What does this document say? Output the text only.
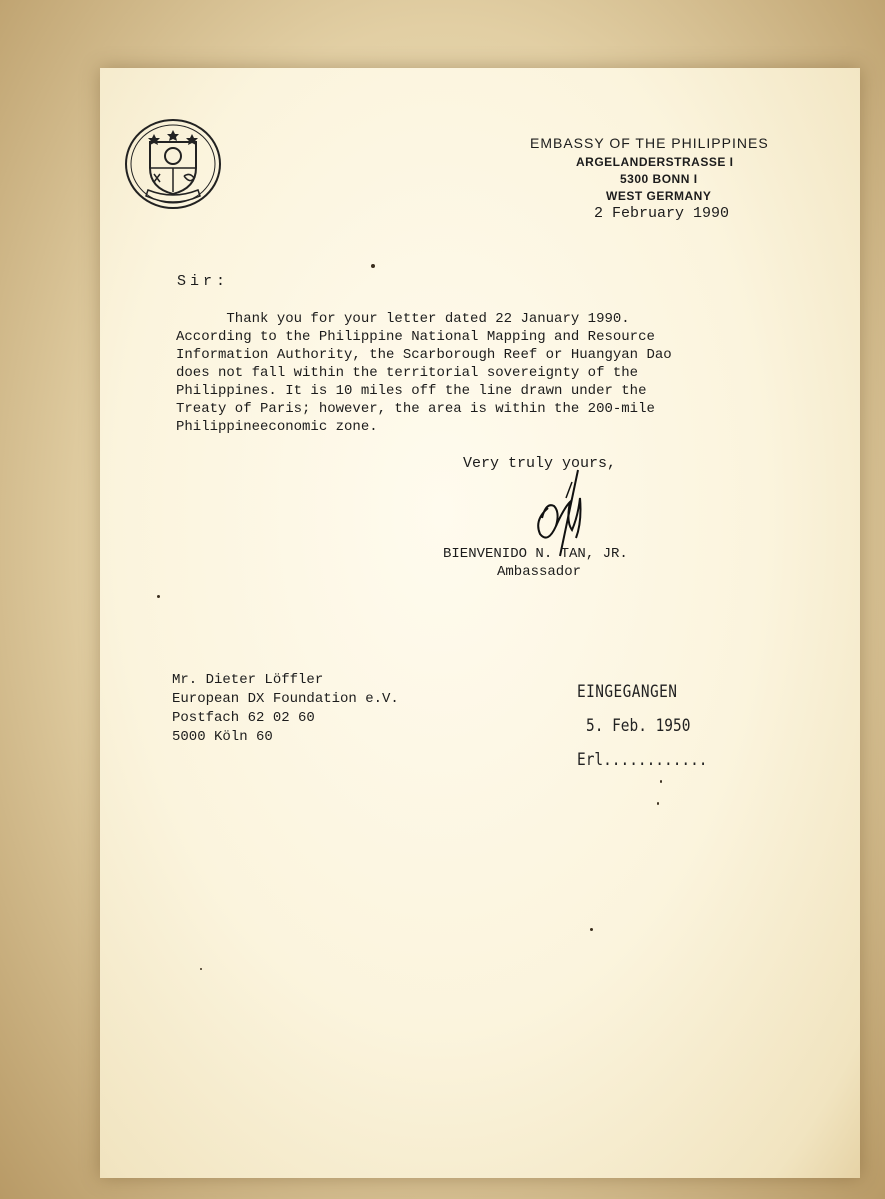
EMBASSY OF THE PHILIPPINES
ARGELANDERSTRASSE I
5300 BONN I
WEST GERMANY
2 February 1990
Sir:
Thank you for your letter dated 22 January 1990.
According to the Philippine National Mapping and Resource
Information Authority, the Scarborough Reef or Huangyan Dao
does not fall within the territorial sovereignty of the
Philippines. It is 10 miles off the line drawn under the
Treaty of Paris; however, the area is within the 200-mile
Philippineeconomic zone.
Very truly yours,
BIENVENIDO N. TAN, JR.
Ambassador
Mr. Dieter Löffler
European DX Foundation e.V.
Postfach 62 02 60
5000 Köln 60
EINGEGANGEN
5. Feb. 1950
Erl............
